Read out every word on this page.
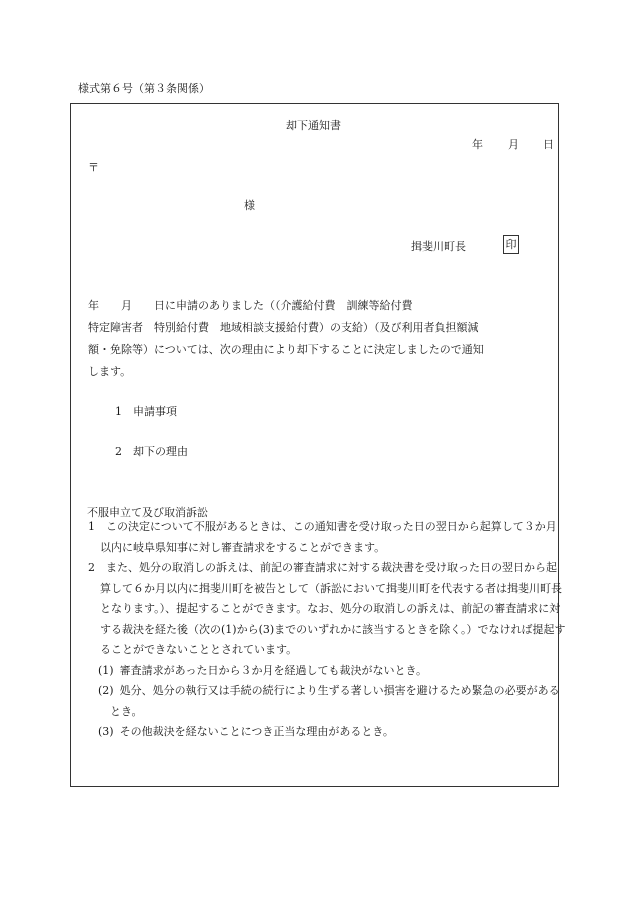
様式第６号（第３条関係）
却下通知書
年 月 日
〒
様
揖斐川町長	印
年　　月　　日に申請のありました（（介護給付費　訓練等給付費
特定障害者　特別給付費　地域相談支援給付費）の支給）（及び利用者負担額減
額・免除等）については、次の理由により却下することに決定しましたので通知
します。
1　申請事項
2　却下の理由
不服申立て及び取消訴訟
1　この決定について不服があるときは、この通知書を受け取った日の翌日から起算して３か月以内に岐阜県知事に対し審査請求をすることができます。
2　また、処分の取消しの訴えは、前記の審査請求に対する裁決書を受け取った日の翌日から起算して６か月以内に揖斐川町を被告として（訴訟において揖斐川町を代表する者は揖斐川町長となります。）、提起することができます。なお、処分の取消しの訴えは、前記の審査請求に対する裁決を経た後（次の(1)から(3)までのいずれかに該当するときを除く。）でなければ提起することができないこととされています。
(1) 審査請求があった日から３か月を経過しても裁決がないとき。
(2) 処分、処分の執行又は手続の続行により生ずる著しい損害を避けるため緊急の必要があるとき。
(3) その他裁決を経ないことにつき正当な理由があるとき。
